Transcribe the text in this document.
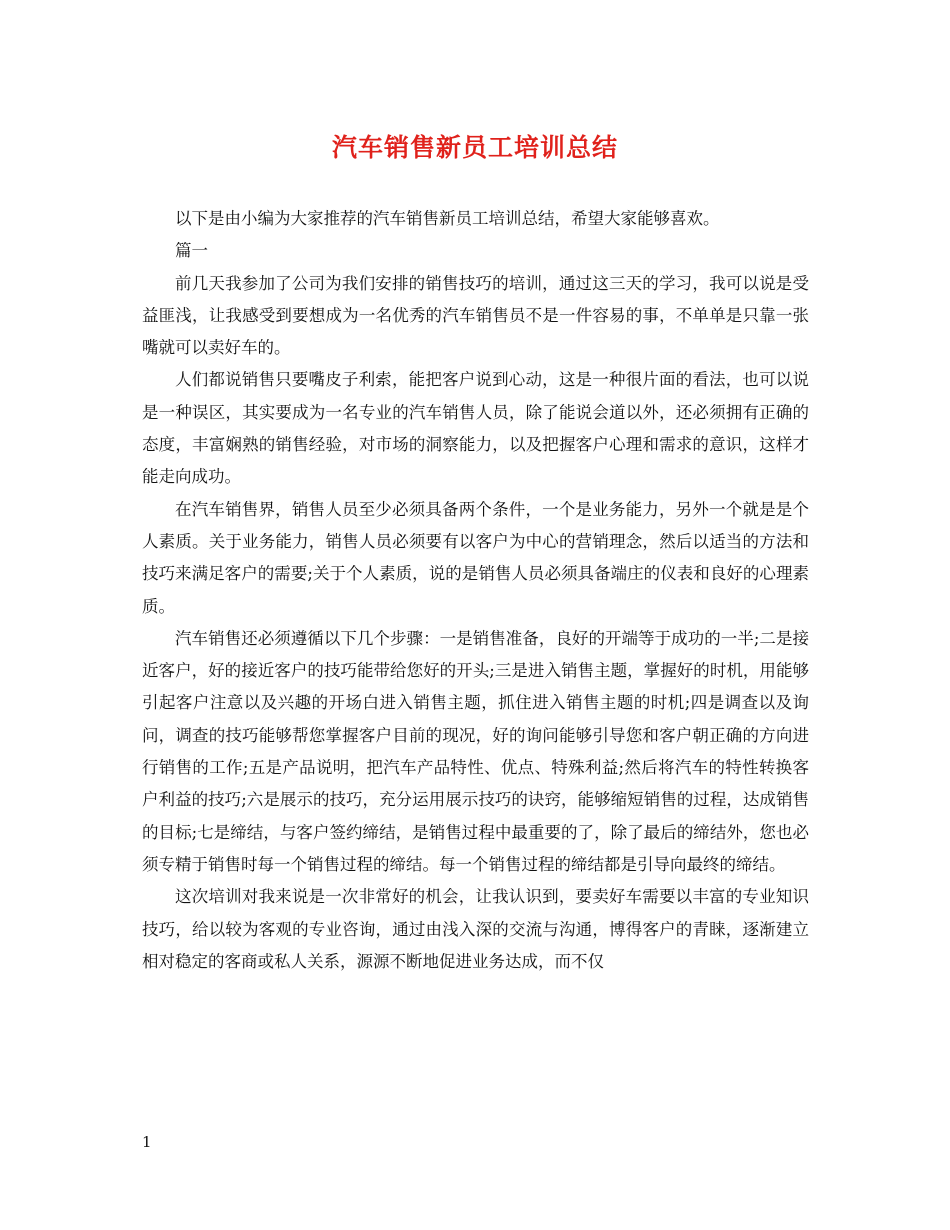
汽车销售新员工培训总结

以下是由小编为大家推荐的汽车销售新员工培训总结，希望大家能够喜欢。

篇一

前几天我参加了公司为我们安排的销售技巧的培训，通过这三天的学习，我可以说是受益匪浅，让我感受到要想成为一名优秀的汽车销售员不是一件容易的事，不单单是只靠一张嘴就可以卖好车的。

人们都说销售只要嘴皮子利索，能把客户说到心动，这是一种很片面的看法，也可以说是一种误区，其实要成为一名专业的汽车销售人员，除了能说会道以外，还必须拥有正确的态度，丰富娴熟的销售经验，对市场的洞察能力，以及把握客户心理和需求的意识，这样才能走向成功。

在汽车销售界，销售人员至少必须具备两个条件，一个是业务能力，另外一个就是是个人素质。关于业务能力，销售人员必须要有以客户为中心的营销理念，然后以适当的方法和技巧来满足客户的需要;关于个人素质，说的是销售人员必须具备端庄的仪表和良好的心理素质。

汽车销售还必须遵循以下几个步骤：一是销售准备，良好的开端等于成功的一半;二是接近客户，好的接近客户的技巧能带给您好的开头;三是进入销售主题，掌握好的时机，用能够引起客户注意以及兴趣的开场白进入销售主题，抓住进入销售主题的时机;四是调查以及询问，调查的技巧能够帮您掌握客户目前的现况，好的询问能够引导您和客户朝正确的方向进行销售的工作;五是产品说明，把汽车产品特性、优点、特殊利益;然后将汽车的特性转换客户利益的技巧;六是展示的技巧，充分运用展示技巧的诀窍，能够缩短销售的过程，达成销售的目标;七是缔结，与客户签约缔结，是销售过程中最重要的了，除了最后的缔结外，您也必须专精于销售时每一个销售过程的缔结。每一个销售过程的缔结都是引导向最终的缔结。

这次培训对我来说是一次非常好的机会，让我认识到，要卖好车需要以丰富的专业知识技巧，给以较为客观的专业咨询，通过由浅入深的交流与沟通，博得客户的青睐，逐渐建立相对稳定的客商或私人关系，源源不断地促进业务达成，而不仅

1
